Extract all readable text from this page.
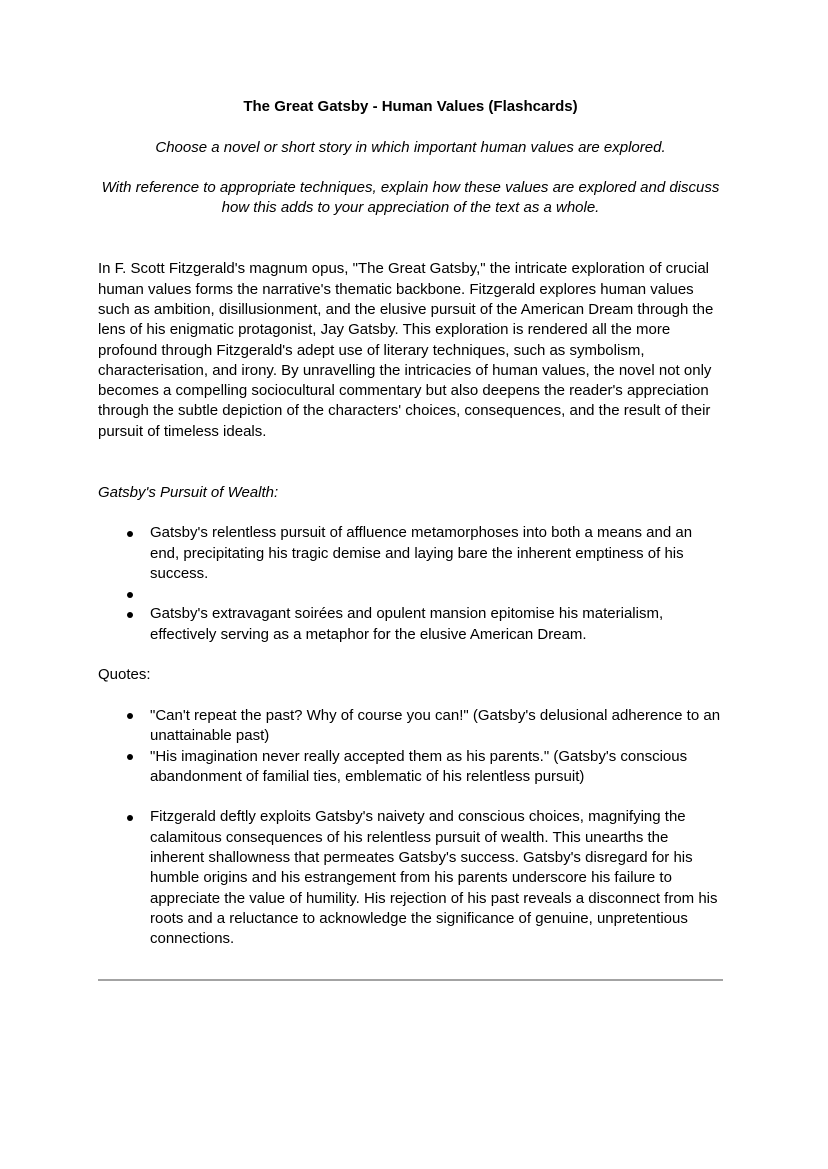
The Great Gatsby - Human Values (Flashcards)
Choose a novel or short story in which important human values are explored.
With reference to appropriate techniques, explain how these values are explored and discuss how this adds to your appreciation of the text as a whole.
In F. Scott Fitzgerald's magnum opus, "The Great Gatsby," the intricate exploration of crucial human values forms the narrative's thematic backbone. Fitzgerald explores human values such as ambition, disillusionment, and the elusive pursuit of the American Dream through the lens of his enigmatic protagonist, Jay Gatsby. This exploration is rendered all the more profound through Fitzgerald's adept use of literary techniques, such as symbolism, characterisation, and irony. By unravelling the intricacies of human values, the novel not only becomes a compelling sociocultural commentary but also deepens the reader's appreciation through the subtle depiction of the characters' choices, consequences, and the result of their pursuit of timeless ideals.
Gatsby's Pursuit of Wealth:
Gatsby's relentless pursuit of affluence metamorphoses into both a means and an end, precipitating his tragic demise and laying bare the inherent emptiness of his success.
Gatsby's extravagant soirées and opulent mansion epitomise his materialism, effectively serving as a metaphor for the elusive American Dream.
Quotes:
"Can't repeat the past? Why of course you can!" (Gatsby's delusional adherence to an unattainable past)
"His imagination never really accepted them as his parents." (Gatsby's conscious abandonment of familial ties, emblematic of his relentless pursuit)
Fitzgerald deftly exploits Gatsby's naivety and conscious choices, magnifying the calamitous consequences of his relentless pursuit of wealth. This unearths the inherent shallowness that permeates Gatsby's success. Gatsby's disregard for his humble origins and his estrangement from his parents underscore his failure to appreciate the value of humility. His rejection of his past reveals a disconnect from his roots and a reluctance to acknowledge the significance of genuine, unpretentious connections.
